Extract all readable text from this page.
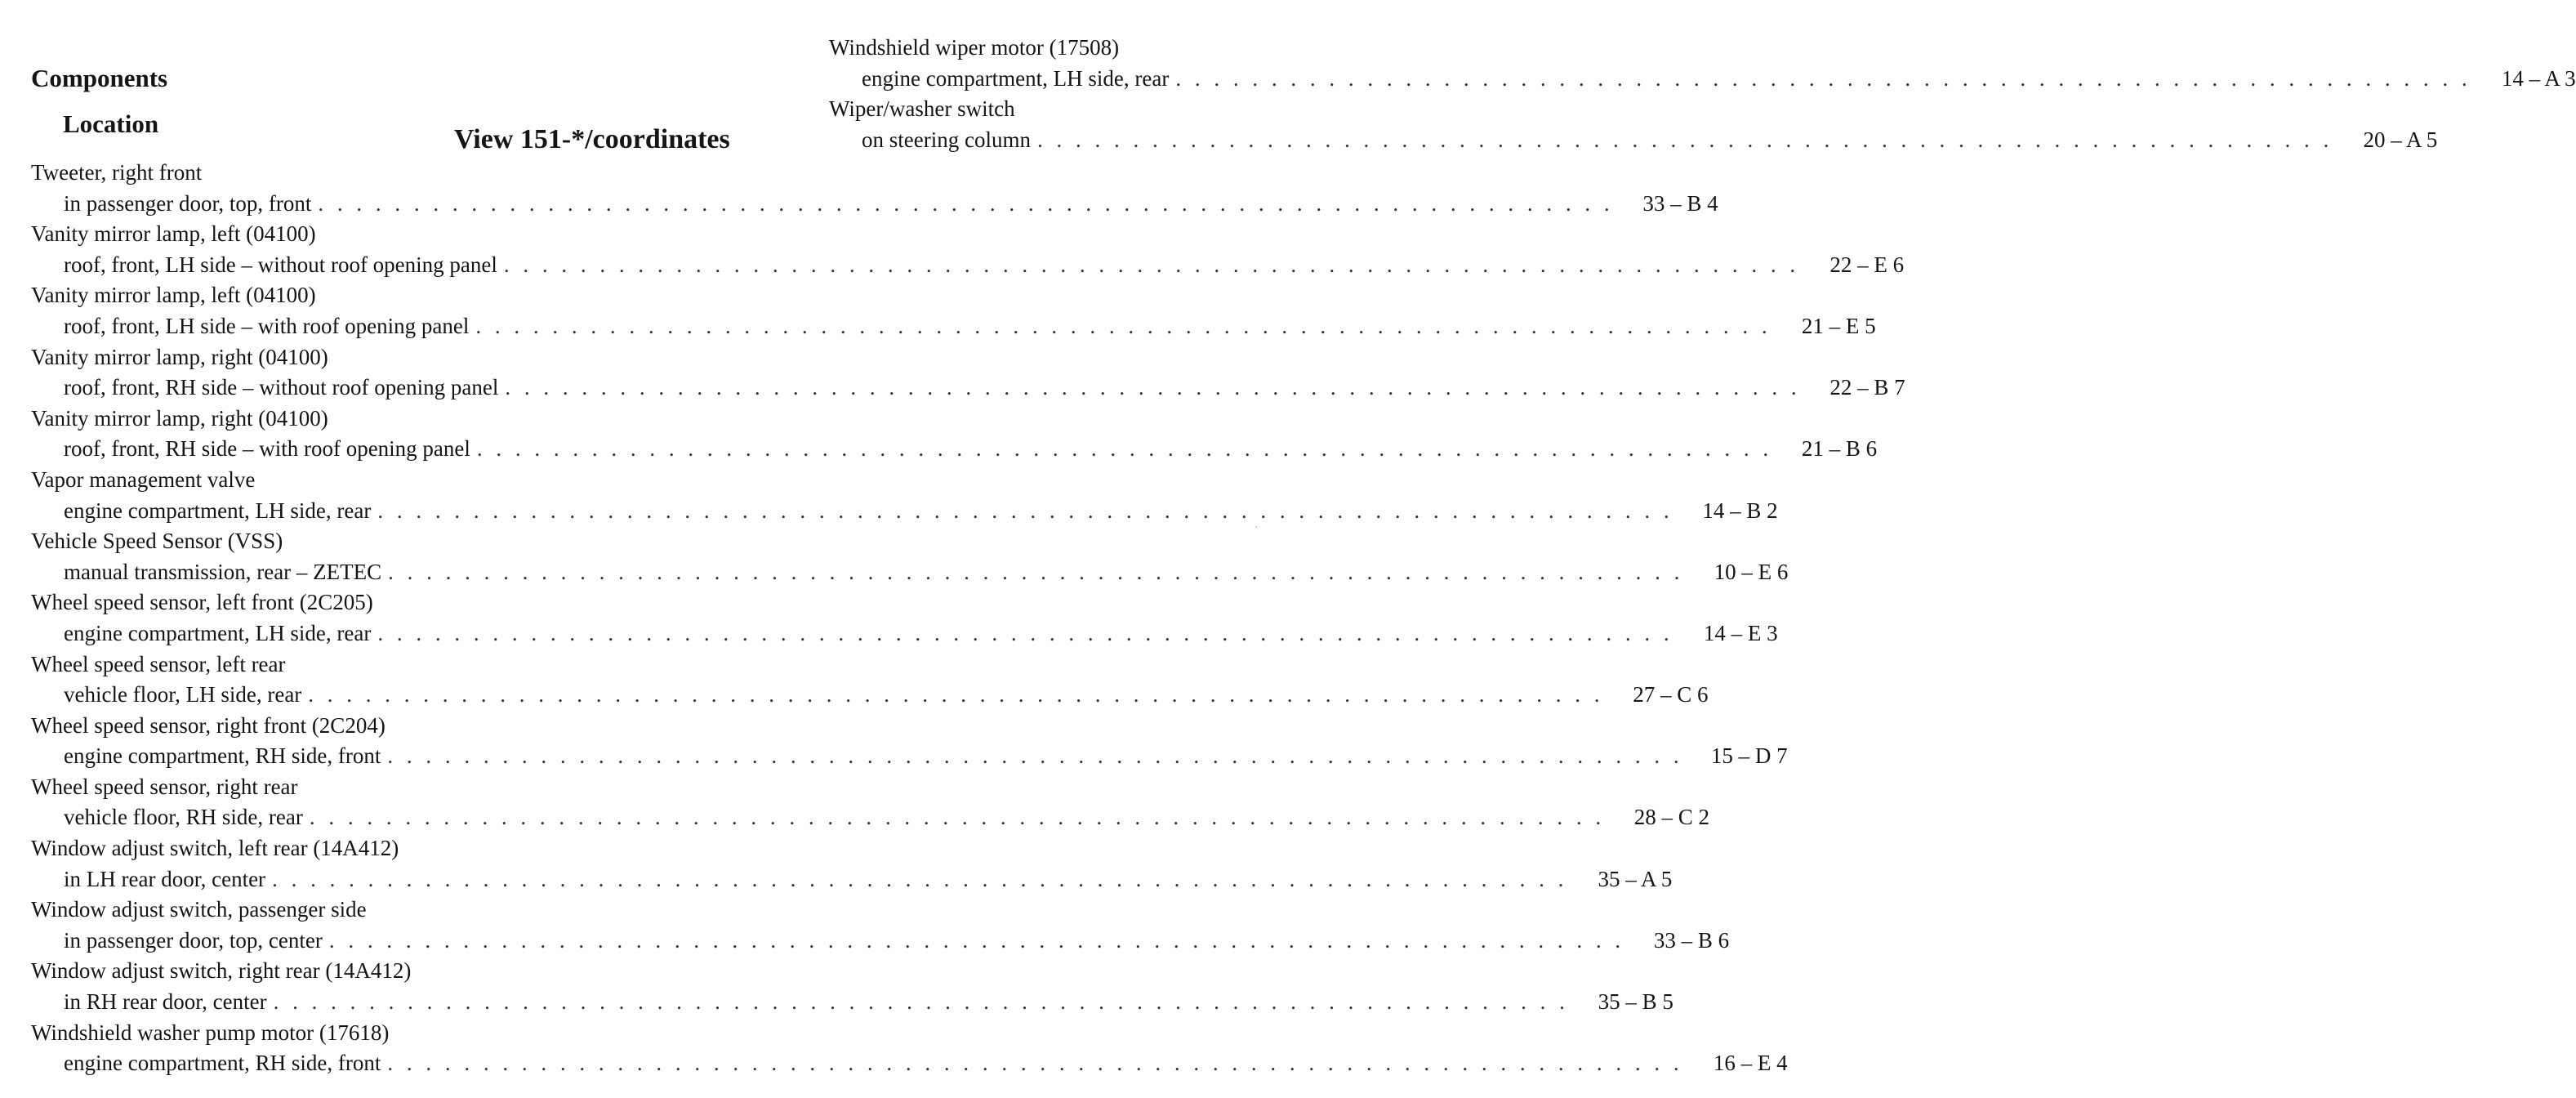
Components
Location
View 151-*/coordinates
Tweeter, right front
in passenger door, top, front . . . . . . . . . . . . . . . . . . . . . . . . . . . . . . . . . . . . . . . . . . . . . . . . . . . . . . . . . . . . . . . . . . . .	33 – B 4
Vanity mirror lamp, left (04100)
roof, front, LH side – without roof opening panel . . . . . . . . . . . . . . . . . . . . . . . . . . . . . . . . . . . . . . . . . . . . . . . . . . . . . . . . . . . . . . . . . . . .	22 – E 6
Vanity mirror lamp, left (04100)
roof, front, LH side – with roof opening panel . . . . . . . . . . . . . . . . . . . . . . . . . . . . . . . . . . . . . . . . . . . . . . . . . . . . . . . . . . . . . . . . . . . .	21 – E 5
Vanity mirror lamp, right (04100)
roof, front, RH side – without roof opening panel . . . . . . . . . . . . . . . . . . . . . . . . . . . . . . . . . . . . . . . . . . . . . . . . . . . . . . . . . . . . . . . . . . . .	22 – B 7
Vanity mirror lamp, right (04100)
roof, front, RH side – with roof opening panel . . . . . . . . . . . . . . . . . . . . . . . . . . . . . . . . . . . . . . . . . . . . . . . . . . . . . . . . . . . . . . . . . . . .	21 – B 6
Vapor management valve
engine compartment, LH side, rear . . . . . . . . . . . . . . . . . . . . . . . . . . . . . . . . . . . . . . . . . . . . . . . . . . . . . . . . . . . . . . . . . . . .	14 – B 2
Vehicle Speed Sensor (VSS)
manual transmission, rear – ZETEC . . . . . . . . . . . . . . . . . . . . . . . . . . . . . . . . . . . . . . . . . . . . . . . . . . . . . . . . . . . . . . . . . . . .	10 – E 6
Wheel speed sensor, left front (2C205)
engine compartment, LH side, rear . . . . . . . . . . . . . . . . . . . . . . . . . . . . . . . . . . . . . . . . . . . . . . . . . . . . . . . . . . . . . . . . . . . .	14 – E 3
Wheel speed sensor, left rear
vehicle floor, LH side, rear . . . . . . . . . . . . . . . . . . . . . . . . . . . . . . . . . . . . . . . . . . . . . . . . . . . . . . . . . . . . . . . . . . . .	27 – C 6
Wheel speed sensor, right front (2C204)
engine compartment, RH side, front . . . . . . . . . . . . . . . . . . . . . . . . . . . . . . . . . . . . . . . . . . . . . . . . . . . . . . . . . . . . . . . . . . . .	15 – D 7
Wheel speed sensor, right rear
vehicle floor, RH side, rear . . . . . . . . . . . . . . . . . . . . . . . . . . . . . . . . . . . . . . . . . . . . . . . . . . . . . . . . . . . . . . . . . . . .	28 – C 2
Window adjust switch, left rear (14A412)
in LH rear door, center . . . . . . . . . . . . . . . . . . . . . . . . . . . . . . . . . . . . . . . . . . . . . . . . . . . . . . . . . . . . . . . . . . . .	35 – A 5
Window adjust switch, passenger side
in passenger door, top, center . . . . . . . . . . . . . . . . . . . . . . . . . . . . . . . . . . . . . . . . . . . . . . . . . . . . . . . . . . . . . . . . . . . .	33 – B 6
Window adjust switch, right rear (14A412)
in RH rear door, center . . . . . . . . . . . . . . . . . . . . . . . . . . . . . . . . . . . . . . . . . . . . . . . . . . . . . . . . . . . . . . . . . . . .	35 – B 5
Windshield washer pump motor (17618)
engine compartment, RH side, front . . . . . . . . . . . . . . . . . . . . . . . . . . . . . . . . . . . . . . . . . . . . . . . . . . . . . . . . . . . . . . . . . . . .	16 – E 4
Windshield wiper motor (17508)
engine compartment, LH side, rear . . . . . . . . . . . . . . . . . . . . . . . . . . . . . . . . . . . . . . . . . . . . . . . . . . . . . . . . . . . . . . . . . . . .	14 – A 3
Wiper/washer switch
on steering column . . . . . . . . . . . . . . . . . . . . . . . . . . . . . . . . . . . . . . . . . . . . . . . . . . . . . . . . . . . . . . . . . . . .	20 – A 5
